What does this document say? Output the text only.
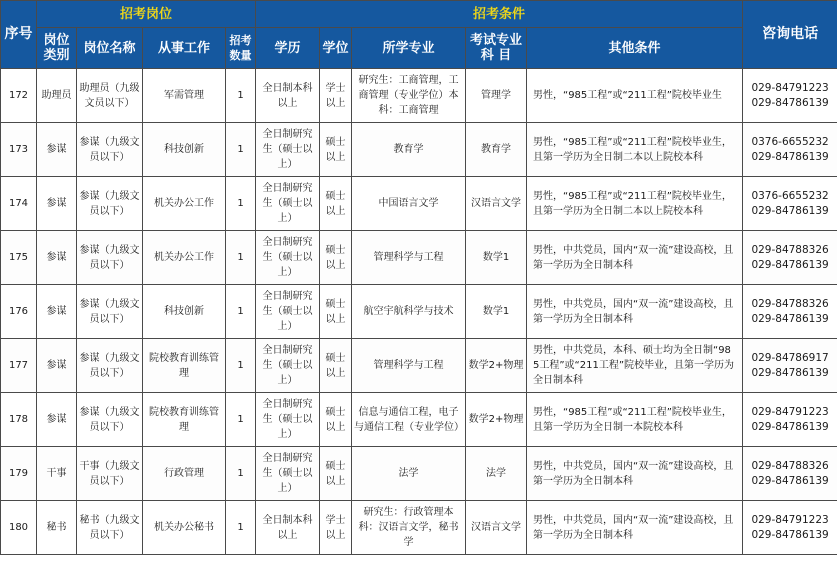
序号	招考岗位				招考条件					咨询电话
	岗位类别	岗位名称	从事工作	招考数量	学历	学位	所学专业	考试专业科 目	其他条件	
172	助理员	助理员（九级文员以下）	军需管理	1	全日制本科以上	学士以上	研究生：工商管理，工商管理（专业学位）本科：工商管理	管理学	男性，“985工程”或“211工程”院校毕业生	029-84791223
029-84786139

173	参谋	参谋（九级文员以下）	科技创新	1	全日制研究生（硕士以上）	硕士以上	教育学	教育学	男性，“985工程”或“211工程”院校毕业生，且第一学历为全日制二本以上院校本科	0376-6655232
029-84786139

174	参谋	参谋（九级文员以下）	机关办公工作	1	全日制研究生（硕士以上）	硕士以上	中国语言文学	汉语言文学	男性，“985工程”或“211工程”院校毕业生，且第一学历为全日制二本以上院校本科	0376-6655232
029-84786139

175	参谋	参谋（九级文员以下）	机关办公工作	1	全日制研究生（硕士以上）	硕士以上	管理科学与工程	数学1	男性，中共党员，国内“双一流”建设高校，且第一学历为全日制本科	029-84788326
029-84786139

176	参谋	参谋（九级文员以下）	科技创新	1	全日制研究生（硕士以上）	硕士以上	航空宇航科学与技术	数学1	男性，中共党员，国内“双一流”建设高校，且第一学历为全日制本科	029-84788326
029-84786139

177	参谋	参谋（九级文员以下）	院校教育训练管理	1	全日制研究生（硕士以上）	硕士以上	管理科学与工程	数学2+物理	男性，中共党员，本科、硕士均为全日制“985工程”或“211工程”院校毕业，且第一学历为全日制本科	029-84786917
029-84786139

178	参谋	参谋（九级文员以下）	院校教育训练管理	1	全日制研究生（硕士以上）	硕士以上	信息与通信工程，电子与通信工程（专业学位）	数学2+物理	男性，“985工程”或“211工程”院校毕业生，且第一学历为全日制一本院校本科	029-84791223
029-84786139

179	干事	干事（九级文员以下）	行政管理	1	全日制研究生（硕士以上）	硕士以上	法学	法学	男性，中共党员，国内“双一流”建设高校，且第一学历为全日制本科	029-84788326
029-84786139

180	秘书	秘书（九级文员以下）	机关办公秘书	1	全日制本科以上	学士以上	研究生：行政管理本科：汉语言文学，秘书学	汉语言文学	男性，中共党员，国内“双一流”建设高校，且第一学历为全日制本科	029-84791223
029-84786139
